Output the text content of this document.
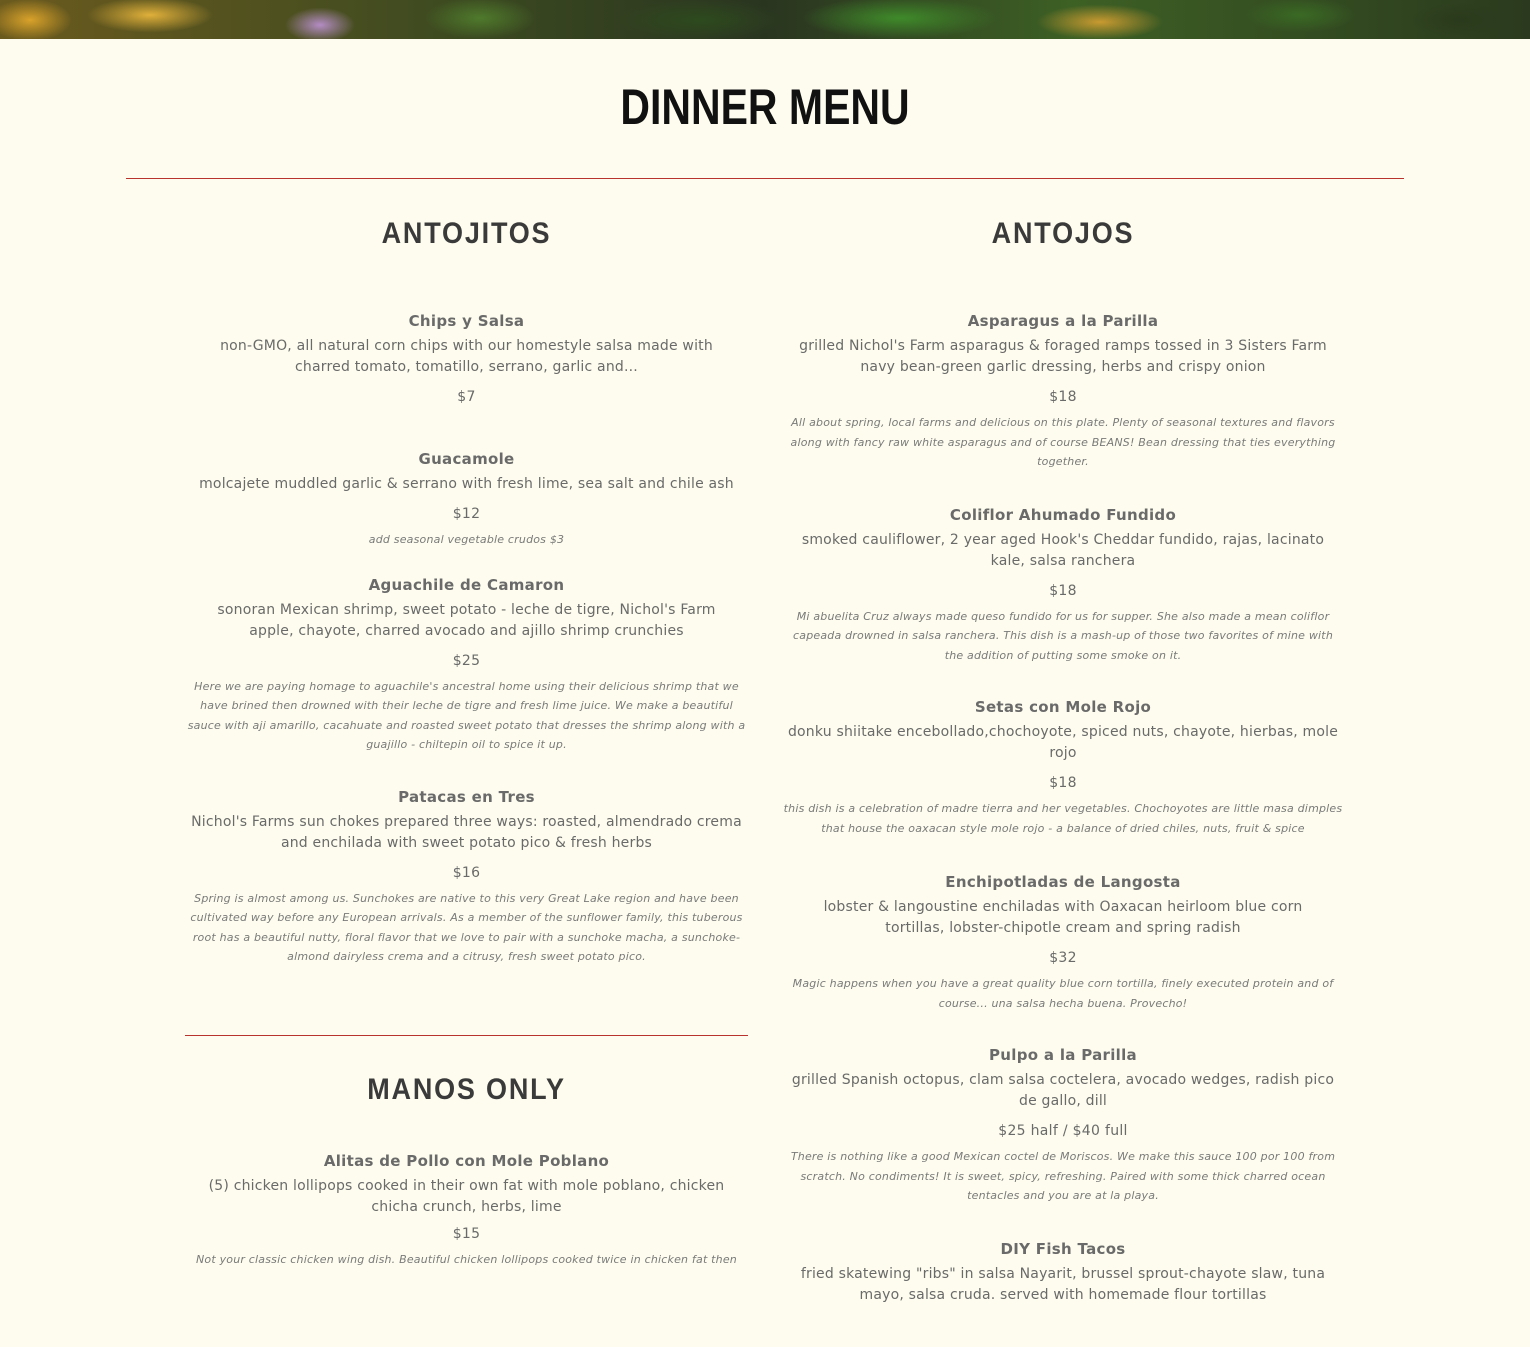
DINNER MENU
ANTOJITOS
Chips y Salsa
non-GMO, all natural corn chips with our homestyle salsa made with charred tomato, tomatillo, serrano, garlic and...
$7
Guacamole
molcajete muddled garlic & serrano with fresh lime, sea salt and chile ash
$12
add seasonal vegetable crudos $3
Aguachile de Camaron
sonoran Mexican shrimp, sweet potato - leche de tigre, Nichol's Farm apple, chayote, charred avocado and ajillo shrimp crunchies
$25
Here we are paying homage to aguachile's ancestral home using their delicious shrimp that we have brined then drowned with their leche de tigre and fresh lime juice. We make a beautiful sauce with aji amarillo, cacahuate and roasted sweet potato that dresses the shrimp along with a guajillo - chiltepin oil to spice it up.
Patacas en Tres
Nichol's Farms sun chokes prepared three ways: roasted, almendrado crema and enchilada with sweet potato pico & fresh herbs
$16
Spring is almost among us. Sunchokes are native to this very Great Lake region and have been cultivated way before any European arrivals. As a member of the sunflower family, this tuberous root has a beautiful nutty, floral flavor that we love to pair with a sunchoke macha, a sunchoke-almond dairyless crema and a citrusy, fresh sweet potato pico.
MANOS ONLY
Alitas de Pollo con Mole Poblano
(5) chicken lollipops cooked in their own fat with mole poblano, chicken chicha crunch, herbs, lime
$15
Not your classic chicken wing dish. Beautiful chicken lollipops cooked twice in chicken fat then
ANTOJOS
Asparagus a la Parilla
grilled Nichol's Farm asparagus & foraged ramps tossed in 3 Sisters Farm navy bean-green garlic dressing, herbs and crispy onion
$18
All about spring, local farms and delicious on this plate. Plenty of seasonal textures and flavors along with fancy raw white asparagus and of course BEANS! Bean dressing that ties everything together.
Coliflor Ahumado Fundido
smoked cauliflower, 2 year aged Hook's Cheddar fundido, rajas, lacinato kale, salsa ranchera
$18
Mi abuelita Cruz always made queso fundido for us for supper. She also made a mean coliflor capeada drowned in salsa ranchera. This dish is a mash-up of those two favorites of mine with the addition of putting some smoke on it.
Setas con Mole Rojo
donku shiitake encebollado,chochoyote, spiced nuts, chayote, hierbas, mole rojo
$18
this dish is a celebration of madre tierra and her vegetables. Chochoyotes are little masa dimples that house the oaxacan style mole rojo - a balance of dried chiles, nuts, fruit & spice
Enchipotladas de Langosta
lobster & langoustine enchiladas with Oaxacan heirloom blue corn tortillas, lobster-chipotle cream and spring radish
$32
Magic happens when you have a great quality blue corn tortilla, finely executed protein and of course... una salsa hecha buena. Provecho!
Pulpo a la Parilla
grilled Spanish octopus, clam salsa coctelera, avocado wedges, radish pico de gallo, dill
$25 half / $40 full
There is nothing like a good Mexican coctel de Moriscos. We make this sauce 100 por 100 from scratch. No condiments! It is sweet, spicy, refreshing. Paired with some thick charred ocean tentacles and you are at la playa.
DIY Fish Tacos
fried skatewing "ribs" in salsa Nayarit, brussel sprout-chayote slaw, tuna mayo, salsa cruda. served with homemade flour tortillas
